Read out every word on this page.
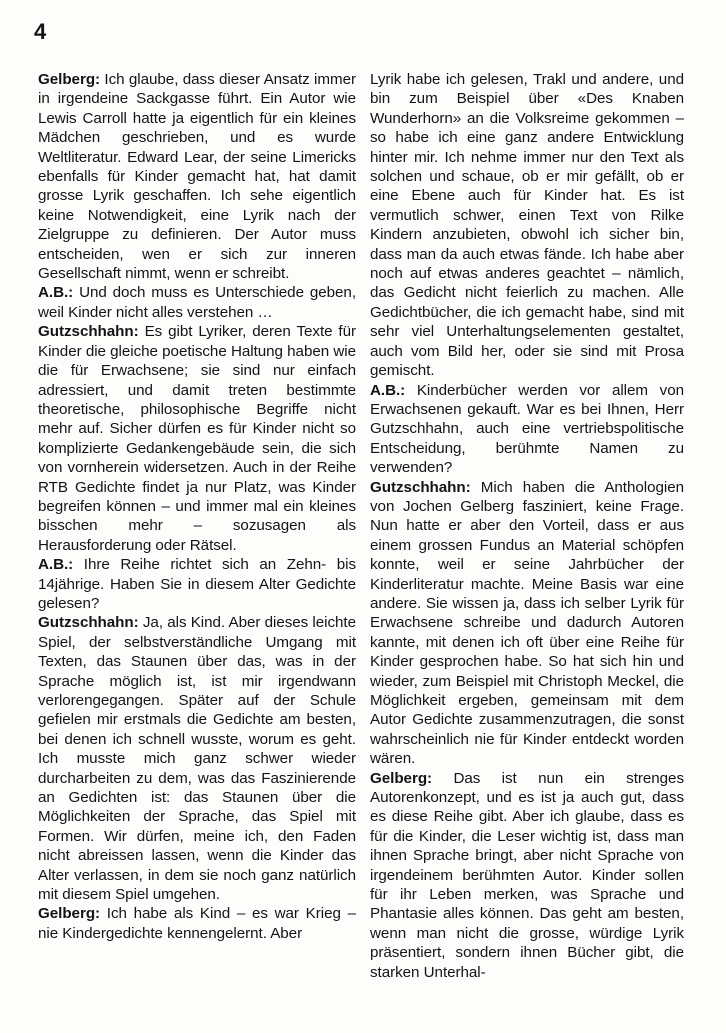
4

Gelberg: Ich glaube, dass dieser Ansatz immer in irgendeine Sackgasse führt. Ein Autor wie Lewis Carroll hatte ja eigentlich für ein kleines Mädchen geschrieben, und es wurde Weltliteratur. Edward Lear, der seine Limericks ebenfalls für Kinder gemacht hat, hat damit grosse Lyrik geschaffen. Ich sehe eigentlich keine Notwendigkeit, eine Lyrik nach der Zielgruppe zu definieren. Der Autor muss entscheiden, wen er sich zur inneren Gesellschaft nimmt, wenn er schreibt.

A.B.: Und doch muss es Unterschiede geben, weil Kinder nicht alles verstehen …

Gutzschhahn: Es gibt Lyriker, deren Texte für Kinder die gleiche poetische Haltung haben wie die für Erwachsene; sie sind nur einfach adressiert, und damit treten bestimmte theoretische, philosophische Begriffe nicht mehr auf. Sicher dürfen es für Kinder nicht so komplizierte Gedankengebäude sein, die sich von vornherein widersetzen. Auch in der Reihe RTB Gedichte findet ja nur Platz, was Kinder begreifen können – und immer mal ein kleines bisschen mehr – sozusagen als Herausforderung oder Rätsel.

A.B.: Ihre Reihe richtet sich an Zehn- bis 14jährige. Haben Sie in diesem Alter Gedichte gelesen?

Gutzschhahn: Ja, als Kind. Aber dieses leichte Spiel, der selbstverständliche Umgang mit Texten, das Staunen über das, was in der Sprache möglich ist, ist mir irgendwann verlorengegangen. Später auf der Schule gefielen mir erstmals die Gedichte am besten, bei denen ich schnell wusste, worum es geht. Ich musste mich ganz schwer wieder durcharbeiten zu dem, was das Faszinierende an Gedichten ist: das Staunen über die Möglichkeiten der Sprache, das Spiel mit Formen. Wir dürfen, meine ich, den Faden nicht abreissen lassen, wenn die Kinder das Alter verlassen, in dem sie noch ganz natürlich mit diesem Spiel umgehen.

Gelberg: Ich habe als Kind – es war Krieg – nie Kindergedichte kennengelernt. Aber

Lyrik habe ich gelesen, Trakl und andere, und bin zum Beispiel über «Des Knaben Wunderhorn» an die Volksreime gekommen – so habe ich eine ganz andere Entwicklung hinter mir. Ich nehme immer nur den Text als solchen und schaue, ob er mir gefällt, ob er eine Ebene auch für Kinder hat. Es ist vermutlich schwer, einen Text von Rilke Kindern anzubieten, obwohl ich sicher bin, dass man da auch etwas fände. Ich habe aber noch auf etwas anderes geachtet – nämlich, das Gedicht nicht feierlich zu machen. Alle Gedichtbücher, die ich gemacht habe, sind mit sehr viel Unterhaltungselementen gestaltet, auch vom Bild her, oder sie sind mit Prosa gemischt.

A.B.: Kinderbücher werden vor allem von Erwachsenen gekauft. War es bei Ihnen, Herr Gutzschhahn, auch eine vertriebspolitische Entscheidung, berühmte Namen zu verwenden?

Gutzschhahn: Mich haben die Anthologien von Jochen Gelberg fasziniert, keine Frage. Nun hatte er aber den Vorteil, dass er aus einem grossen Fundus an Material schöpfen konnte, weil er seine Jahrbücher der Kinderliteratur machte. Meine Basis war eine andere. Sie wissen ja, dass ich selber Lyrik für Erwachsene schreibe und dadurch Autoren kannte, mit denen ich oft über eine Reihe für Kinder gesprochen habe. So hat sich hin und wieder, zum Beispiel mit Christoph Meckel, die Möglichkeit ergeben, gemeinsam mit dem Autor Gedichte zusammenzutragen, die sonst wahrscheinlich nie für Kinder entdeckt worden wären.

Gelberg: Das ist nun ein strenges Autorenkonzept, und es ist ja auch gut, dass es diese Reihe gibt. Aber ich glaube, dass es für die Kinder, die Leser wichtig ist, dass man ihnen Sprache bringt, aber nicht Sprache von irgendeinem berühmten Autor. Kinder sollen für ihr Leben merken, was Sprache und Phantasie alles können. Das geht am besten, wenn man nicht die grosse, würdige Lyrik präsentiert, sondern ihnen Bücher gibt, die starken Unterhal-
